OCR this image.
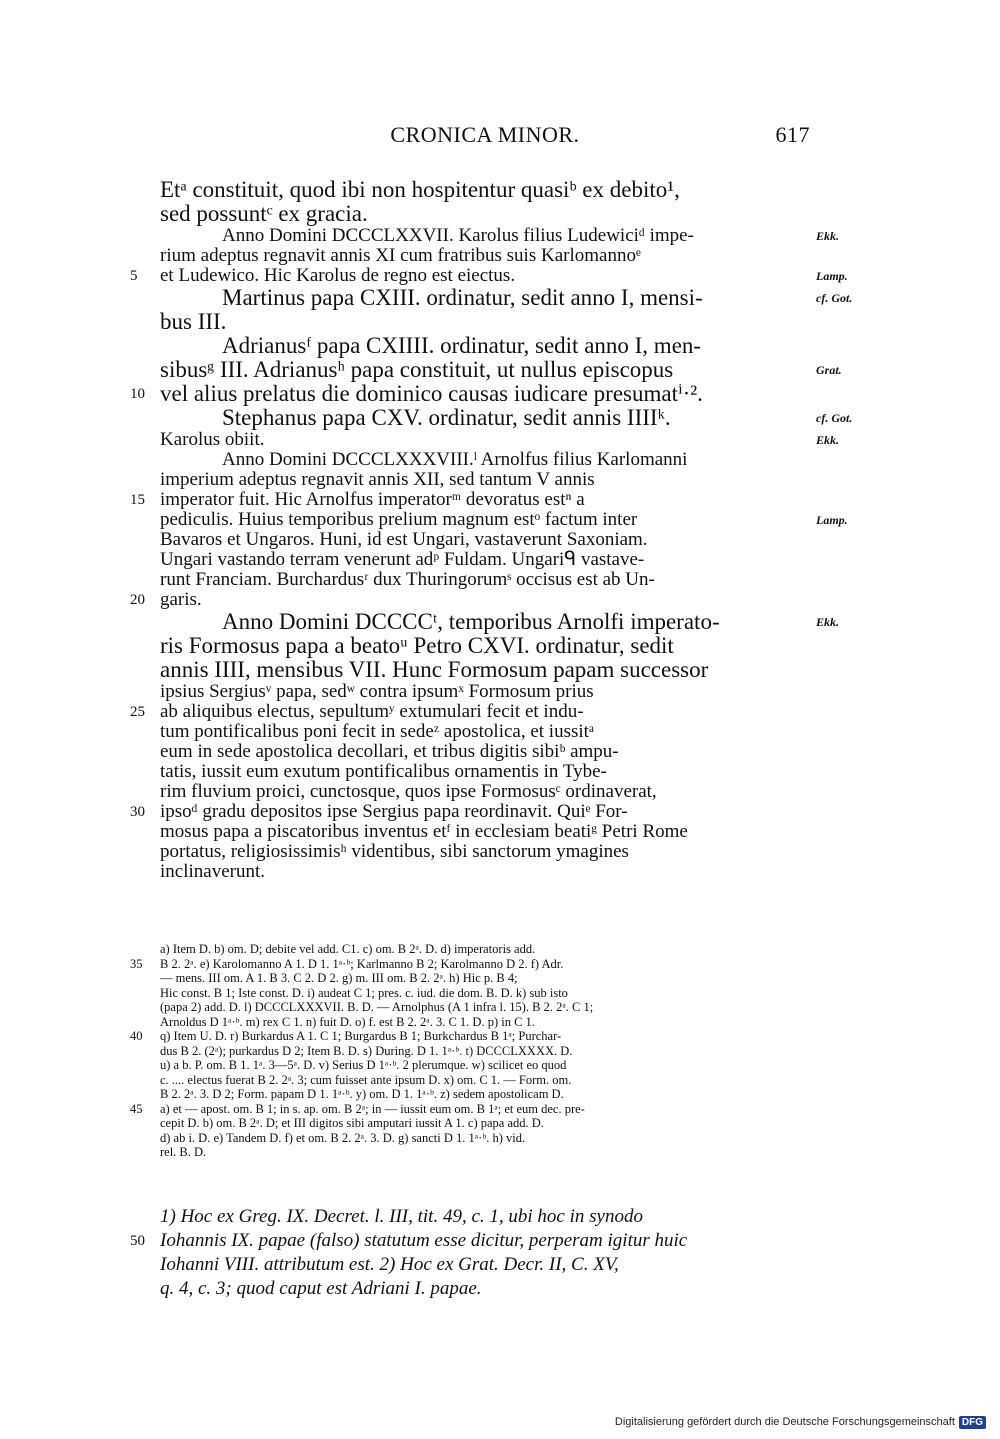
CRONICA MINOR.	617
Etᵃ constituit, quod ibi non hospitentur quasiᵇ ex debito¹,
sed possuntᶜ ex gracia.
Anno Domini DCCCLXXVII. Karolus filius Ludewiciᵈ impe-	Ekk.
rium adeptus regnavit annis XI cum fratribus suis Karlomannoᵉ
5 et Ludewico. Hic Karolus de regno est eiectus.	Lamp.
Martinus papa CXIII. ordinatur, sedit anno I, mensi-	cf. Got.
bus III.
Adrianusᶠ papa CXIIII. ordinatur, sedit anno I, men-
sibusᵍ III. Adrianusʰ papa constituit, ut nullus episcopus	Grat.
10 vel alius prelatus die dominico causas iudicare presumatⁱ·².
Stephanus papa CXV. ordinatur, sedit annis IIIIᵏ.	cf. Got.
Karolus obiit.	Ekk.
Anno Domini DCCCLXXXVIII.ˡ Arnolfus filius Karlomanni
imperium adeptus regnavit annis XII, sed tantum V annis
15 imperator fuit. Hic Arnolfus imperatorᵐ devoratus estⁿ a
pediculis. Huius temporibus prelium magnum estᵒ factum inter	Lamp.
Bavaros et Ungaros. Huni, id est Ungari, vastaverunt Saxoniam.
Ungari vastando terram venerunt adᵖ Fuldam. Ungariᑫ vastave-
runt Franciam. Burchardusʳ dux Thuringorumˢ occisus est ab Un-
20 garis.
Anno Domini DCCCCᵗ, temporibus Arnolfi imperato-	Ekk.
ris Formosus papa a beatoᵘ Petro CXVI. ordinatur, sedit
annis IIII, mensibus VII. Hunc Formosum papam successor
ipsius Sergiusᵛ papa, sedʷ contra ipsumˣ Formosum prius
25 ab aliquibus electus, sepultumʸ extumulari fecit et indu-
tum pontificalibus poni fecit in sedeᶻ apostolica, et iussitᵃ
eum in sede apostolica decollari, et tribus digitis sibiᵇ ampu-
tatis, iussit eum exutum pontificalibus ornamentis in Tybe-
rim fluvium proici, cunctosque, quos ipse Formosusᶜ ordinaverat,
30 ipsoᵈ gradu depositos ipse Sergius papa reordinavit. Quiᵉ For-
mosus papa a piscatoribus inventus etᶠ in ecclesiam beatiᵍ Petri Rome
portatus, religiosissimisʰ videntibus, sibi sanctorum ymagines
inclinaverunt.
a) Item D. b) om. D; debite vel add. C1. c) om. B 2ᵃ. D. d) imperatoris add.
35 B 2. 2ᵃ. e) Karolomanno A 1. D 1. 1ᵃ·ᵇ; Karlmanno B 2; Karolmanno D 2. f) Adr.
— mens. III om. A 1. B 3. C 2. D 2. g) m. III om. B 2. 2ᵃ. h) Hic p. B 4;
Hic const. B 1; Iste const. D. i) audeat C 1; pres. c. iud. die dom. B. D. k) sub isto
(papa 2) add. D. l) DCCCLXXXVII. B. D. — Arnolphus (A 1 infra l. 15). B 2. 2ᵃ. C 1;
Arnoldus D 1ᵃ·ᵇ. m) rex C 1. n) fuit D. o) f. est B 2. 2ᵃ. 3. C 1. D. p) in C 1.
40 q) Item U. D. r) Burkardus A 1. C 1; Burgardus B 1; Burkchardus B 1ᵃ; Purchar-
dus B 2. (2ᵃ); purkardus D 2; Item B. D. s) During. D 1. 1ᵃ·ᵇ. t) DCCCLXXXX. D.
u) a b. P. om. B 1. 1ᵃ. 3—5ᵃ. D. v) Serius D 1ᵃ·ᵇ. 2 plerumque. w) scilicet eo quod
c. .... electus fuerat B 2. 2ᵃ. 3; cum fuisset ante ipsum D. x) om. C 1. — Form. om.
B 2. 2ᵃ. 3. D 2; Form. papam D 1. 1ᵃ·ᵇ. y) om. D 1. 1ᵃ·ᵇ. z) sedem apostolicam D.
45 a) et — apost. om. B 1; in s. ap. om. B 2ᵃ; in — iussit eum om. B 1ᵃ; et eum dec. pre-
cepit D. b) om. B 2ᵃ. D; et III digitos sibi amputari iussit A 1. c) papa add. D.
d) ab i. D. e) Tandem D. f) et om. B 2. 2ᵃ. 3. D. g) sancti D 1. 1ᵃ·ᵇ. h) vid.
rel. B. D.
1) Hoc ex Greg. IX. Decret. l. III, tit. 49, c. 1, ubi hoc in synodo
50 Iohannis IX. papae (falso) statutum esse dicitur, perperam igitur huic
Iohanni VIII. attributum est. 2) Hoc ex Grat. Decr. II, C. XV,
q. 4, c. 3; quod caput est Adriani I. papae.
Digitalisierung gefördert durch die Deutsche Forschungsgemeinschaft DFG
